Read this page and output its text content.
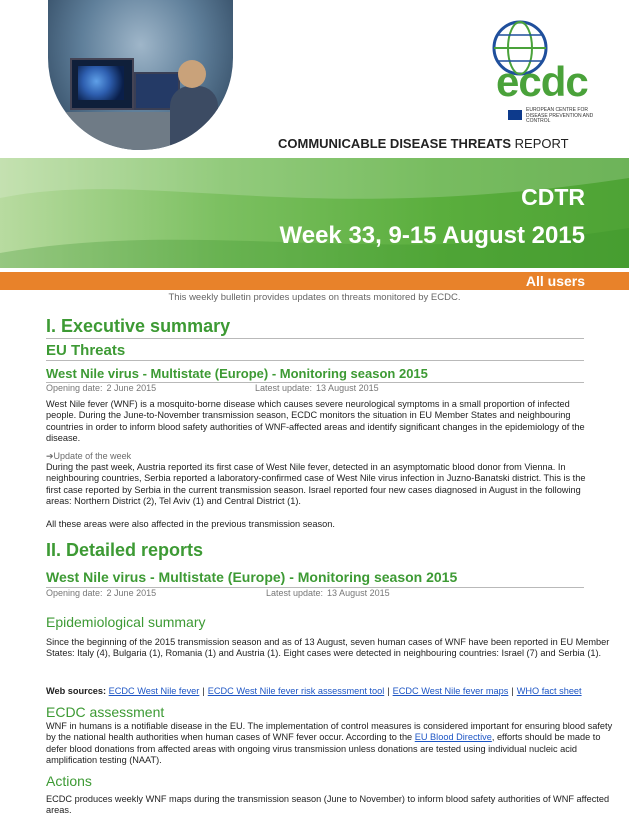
ecdc
EUROPEAN CENTRE FOR DISEASE PREVENTION AND CONTROL
COMMUNICABLE DISEASE THREATS REPORT
CDTR
Week 33, 9-15 August 2015
All users
This weekly bulletin provides updates on threats monitored by ECDC.
I. Executive summary
EU Threats
West Nile virus - Multistate (Europe) - Monitoring season 2015
Opening date: 2 June 2015	Latest update: 13 August 2015

West Nile fever (WNF) is a mosquito-borne disease which causes severe neurological symptoms in a small proportion of infected people. During the June-to-November transmission season, ECDC monitors the situation in EU Member States and neighbouring countries in order to inform blood safety authorities of WNF-affected areas and identify significant changes in the epidemiology of the disease.

➔Update of the week

During the past week, Austria reported its first case of West Nile fever, detected in an asymptomatic blood donor from Vienna. In neighbouring countries, Serbia reported a laboratory-confirmed case of West Nile virus infection in Juzno-Banatski district. This is the first case reported by Serbia in the current transmission season. Israel reported four new cases diagnosed in August in the following areas: Northern District (2), Tel Aviv (1) and Central District (1).

All these areas were also affected in the previous transmission season.

II. Detailed reports
West Nile virus - Multistate (Europe) - Monitoring season 2015
Opening date: 2 June 2015	Latest update: 13 August 2015
Epidemiological summary

Since the beginning of the 2015 transmission season and as of 13 August, seven human cases of WNF have been reported in EU Member States: Italy (4), Bulgaria (1), Romania (1) and Austria (1). Eight cases were detected in neighbouring countries: Israel (7) and Serbia (1).

Web sources: ECDC West Nile fever | ECDC West Nile fever risk assessment tool | ECDC West Nile fever maps | WHO fact sheet
ECDC assessment

WNF in humans is a notifiable disease in the EU. The implementation of control measures is considered important for ensuring blood safety by the national health authorities when human cases of WNF fever occur. According to the EU Blood Directive, efforts should be made to defer blood donations from affected areas with ongoing virus transmission unless donations are tested using individual nucleic acid amplification testing (NAAT).

Actions

ECDC produces weekly WNF maps during the transmission season (June to November) to inform blood safety authorities of WNF affected areas.
